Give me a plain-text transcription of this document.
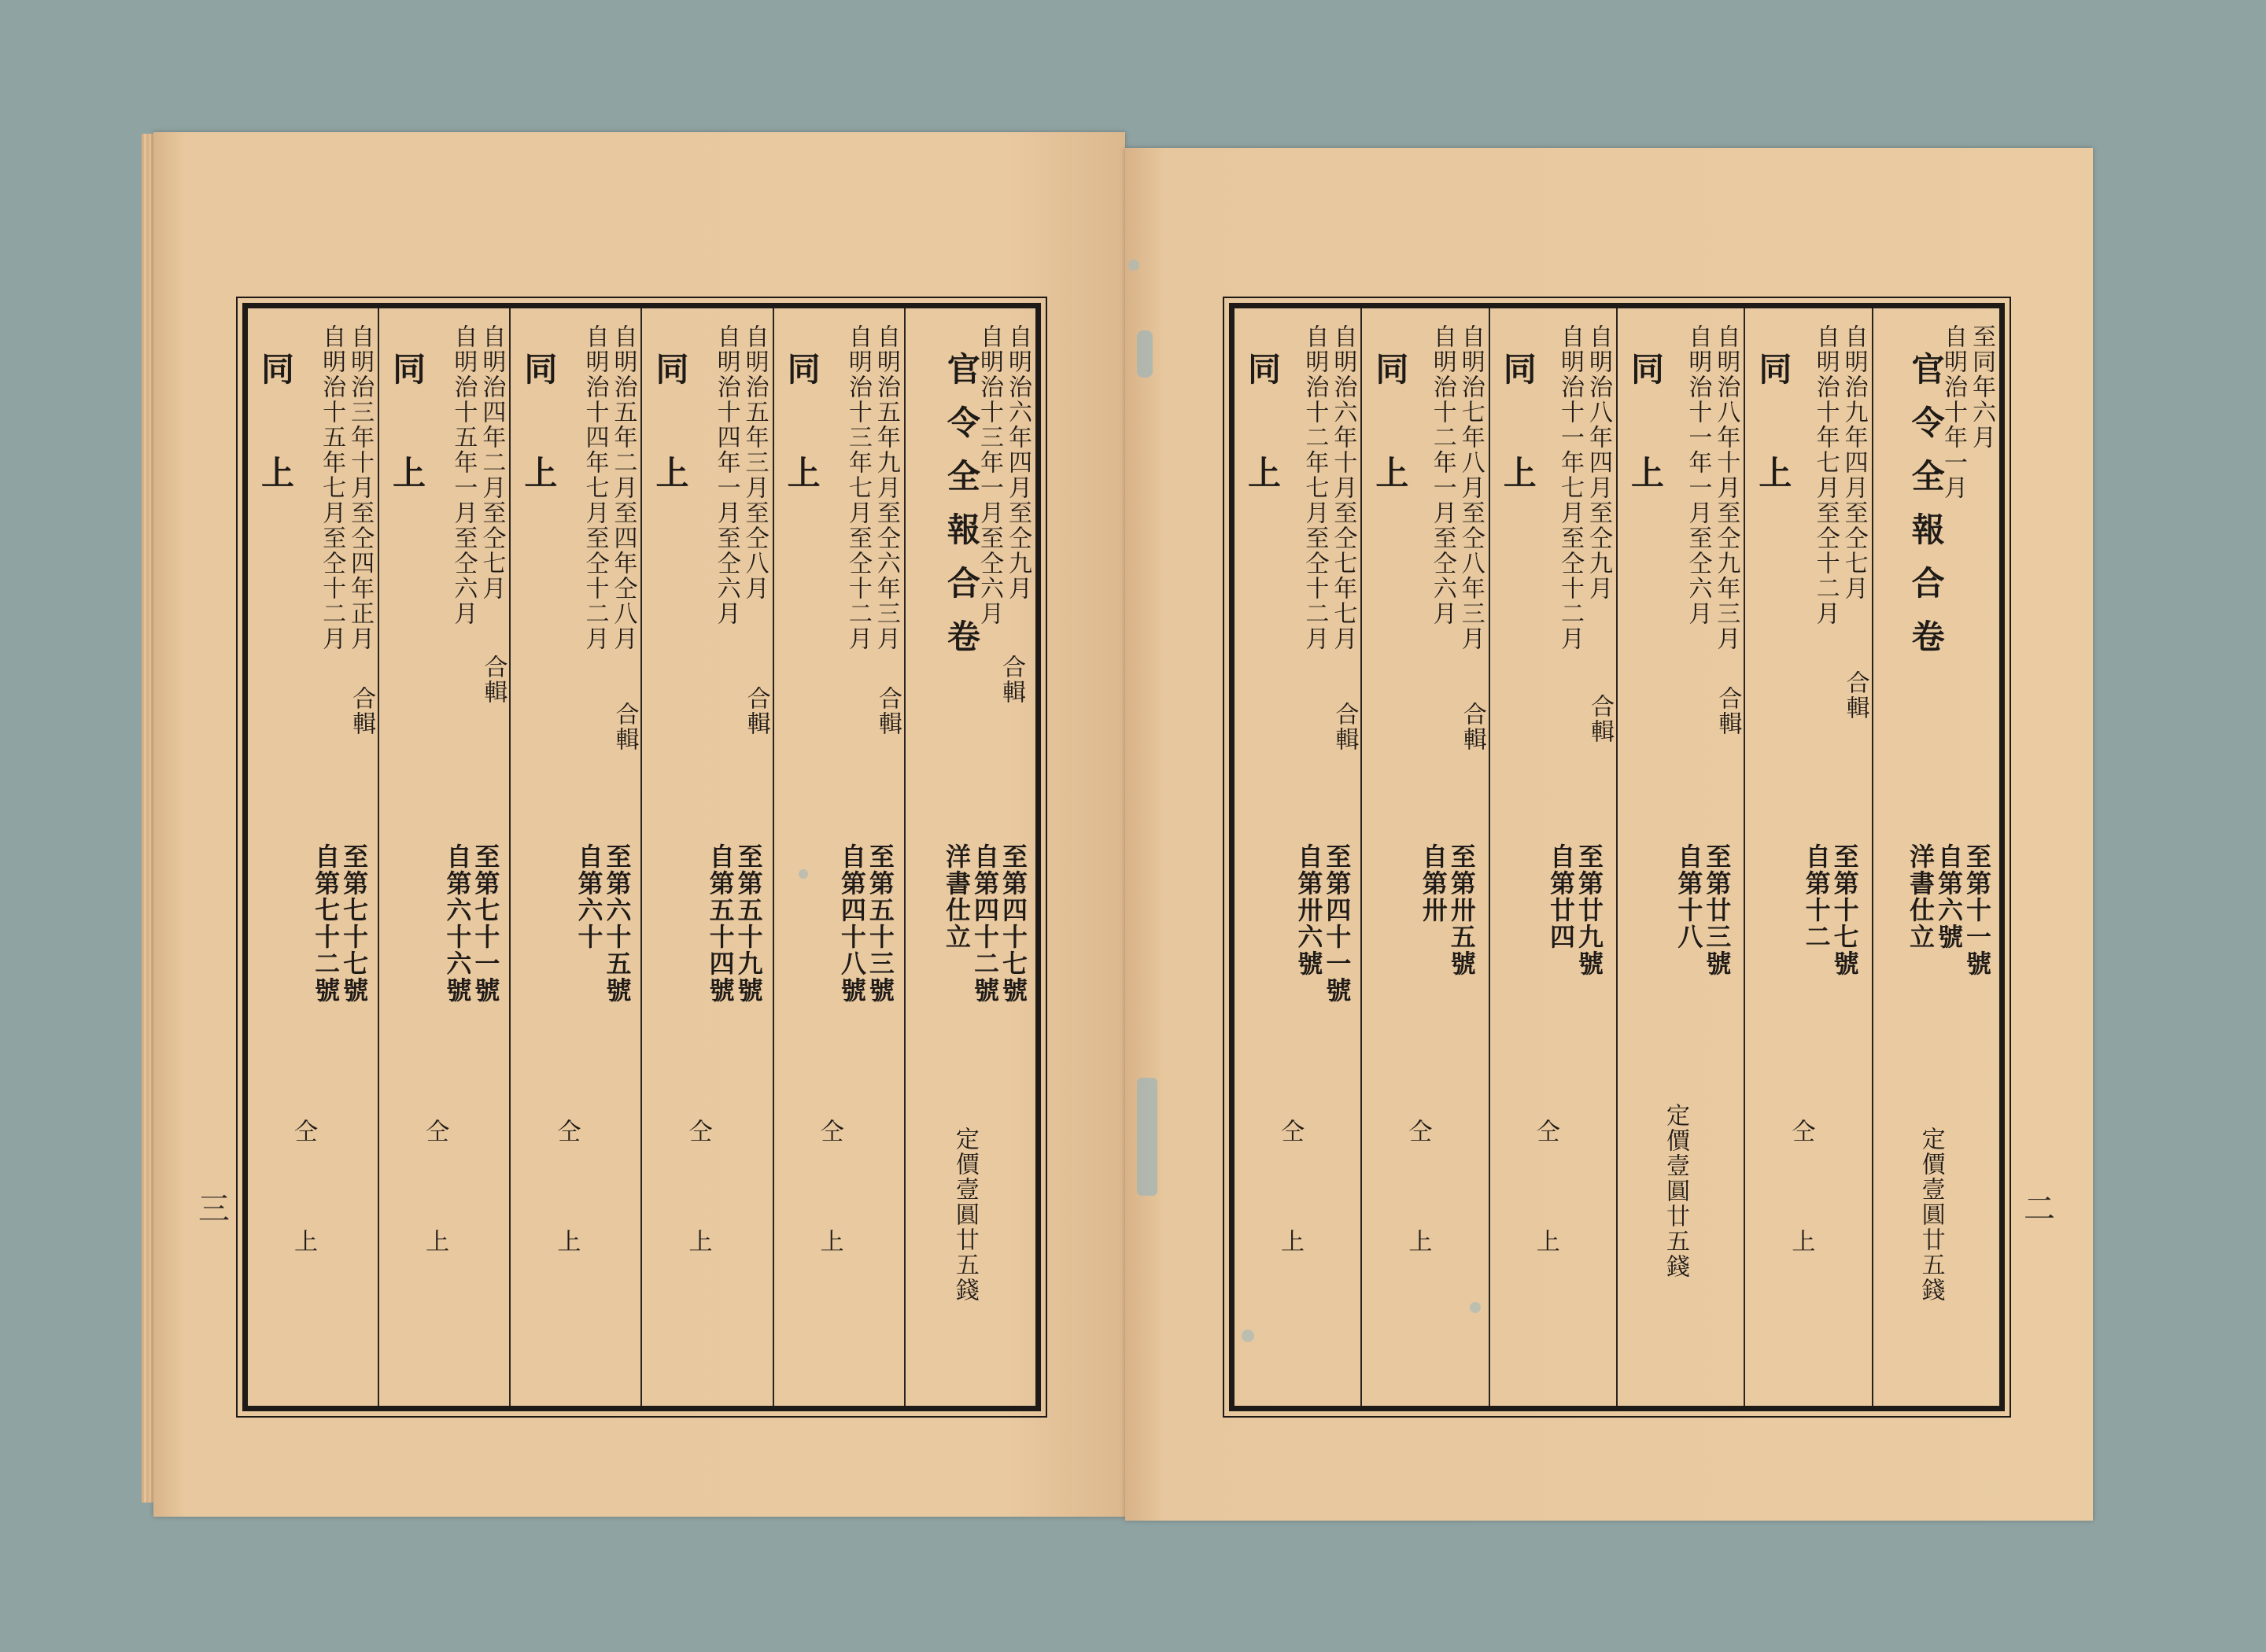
自明治十三年一月至仝六月 自明治六年四月至仝九月
官令全報合卷
合輯
洋書仕立
自第四十二號
至第四十七號
定價壹圓廿五錢
自明治十三年七月至仝十二月 自明治五年九月至仝六年三月
同上
合輯
自第四十八號
至第五十三號
仝上
自明治十四年一月至仝六月 自明治五年三月至仝八月
同上
合輯
自第五十四號
至第五十九號
仝上
自明治十四年七月至仝十二月 自明治五年二月至四年仝八月
同上
合輯
自第六十
至第六十五號
仝上
自明治十五年一月至仝六月 自明治四年二月至仝七月
同上
合輯
自第六十六號
至第七十一號
仝上
自明治十五年七月至仝十二月 自明治三年十月至仝四年正月
同上
合輯
自第七十二號
至第七十七號
仝上
自明治十年一月 至同年六月
官令全報合卷
洋書仕立
自第六號
至第十一號
定價壹圓廿五錢
自明治十年七月至仝十二月 自明治九年四月至仝七月
同上
合輯
自第十二
至第十七號
仝上
自明治十一年一月至仝六月 自明治八年十月至仝九年三月
同上
合輯
自第十八
至第廿三號
定價壹圓廿五錢
自明治十一年七月至仝十二月 自明治八年四月至仝九月
同上
合輯
自第廿四
至第廿九號
仝上
自明治十二年一月至仝六月 自明治七年八月至仝八年三月
同上
合輯
自第卅
至第卅五號
仝上
自明治十二年七月至仝十二月 自明治六年十月至仝七年七月
同上
合輯
自第卅六號
至第四十一號
仝上
三	二
